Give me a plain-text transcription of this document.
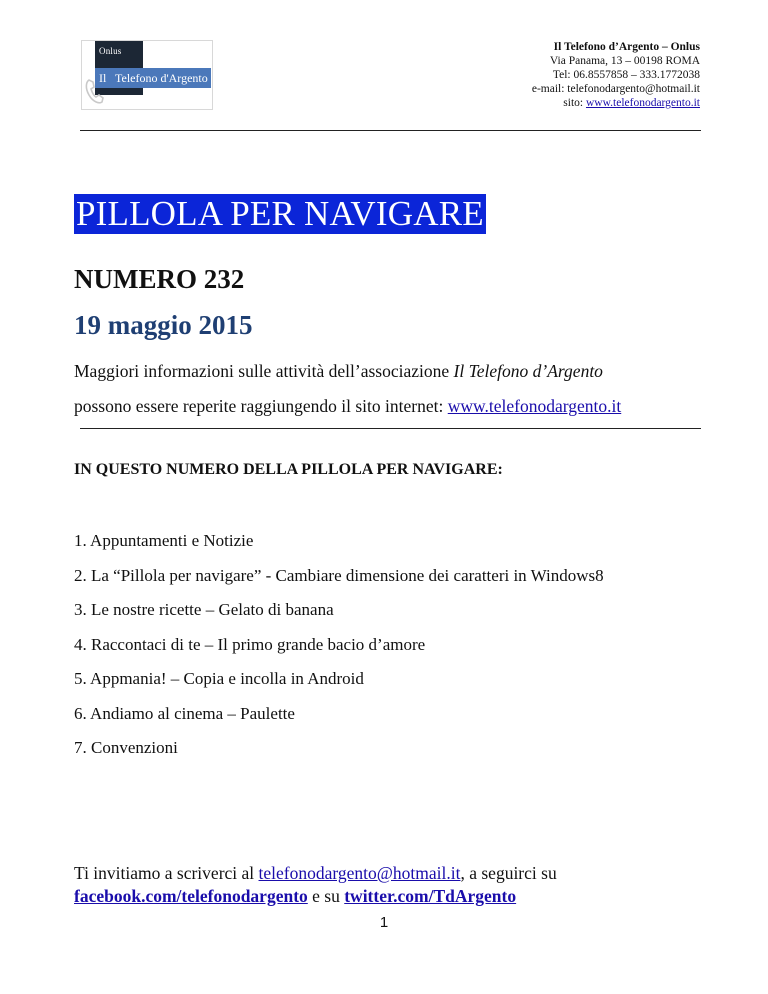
Onlus
Il Telefono d'Argento
Il Telefono d’Argento – Onlus
Via Panama, 13 – 00198 ROMA
Tel: 06.8557858 – 333.1772038
e-mail: telefonodargento@hotmail.it
sito: www.telefonodargento.it
PILLOLA PER NAVIGARE
NUMERO 232
19 maggio 2015
Maggiori informazioni sulle attività dell’associazione Il Telefono d’Argento
possono essere reperite raggiungendo il sito internet: www.telefonodargento.it
IN QUESTO NUMERO DELLA PILLOLA PER NAVIGARE:
1. Appuntamenti e Notizie
2. La “Pillola per navigare” - Cambiare dimensione dei caratteri in Windows8
3. Le nostre ricette – Gelato di banana
4. Raccontaci di te – Il primo grande bacio d’amore
5. Appmania! – Copia e incolla in Android
6. Andiamo al cinema – Paulette
7. Convenzioni
Ti invitiamo a scriverci al telefonodargento@hotmail.it, a seguirci su
facebook.com/telefonodargento e su twitter.com/TdArgento
1
